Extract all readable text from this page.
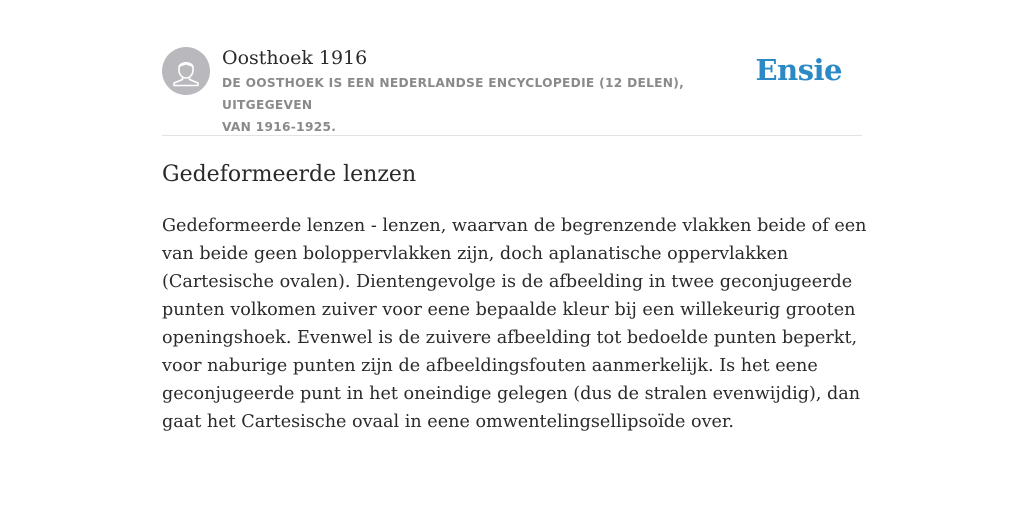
Oosthoek 1916
DE OOSTHOEK IS EEN NEDERLANDSE ENCYCLOPEDIE (12 DELEN), UITGEGEVEN
VAN 1916-1925.
Ensie
Gedeformeerde lenzen
Gedeformeerde lenzen - lenzen, waarvan de begrenzende vlakken beide of een
van beide geen boloppervlakken zijn, doch aplanatische oppervlakken
(Cartesische ovalen). Dientengevolge is de afbeelding in twee geconjugeerde
punten volkomen zuiver voor eene bepaalde kleur bij een willekeurig grooten
openingshoek. Evenwel is de zuivere afbeelding tot bedoelde punten beperkt,
voor naburige punten zijn de afbeeldingsfouten aanmerkelijk. Is het eene
geconjugeerde punt in het oneindige gelegen (dus de stralen evenwijdig), dan
gaat het Cartesische ovaal in eene omwentelingsellipsoïde over.
